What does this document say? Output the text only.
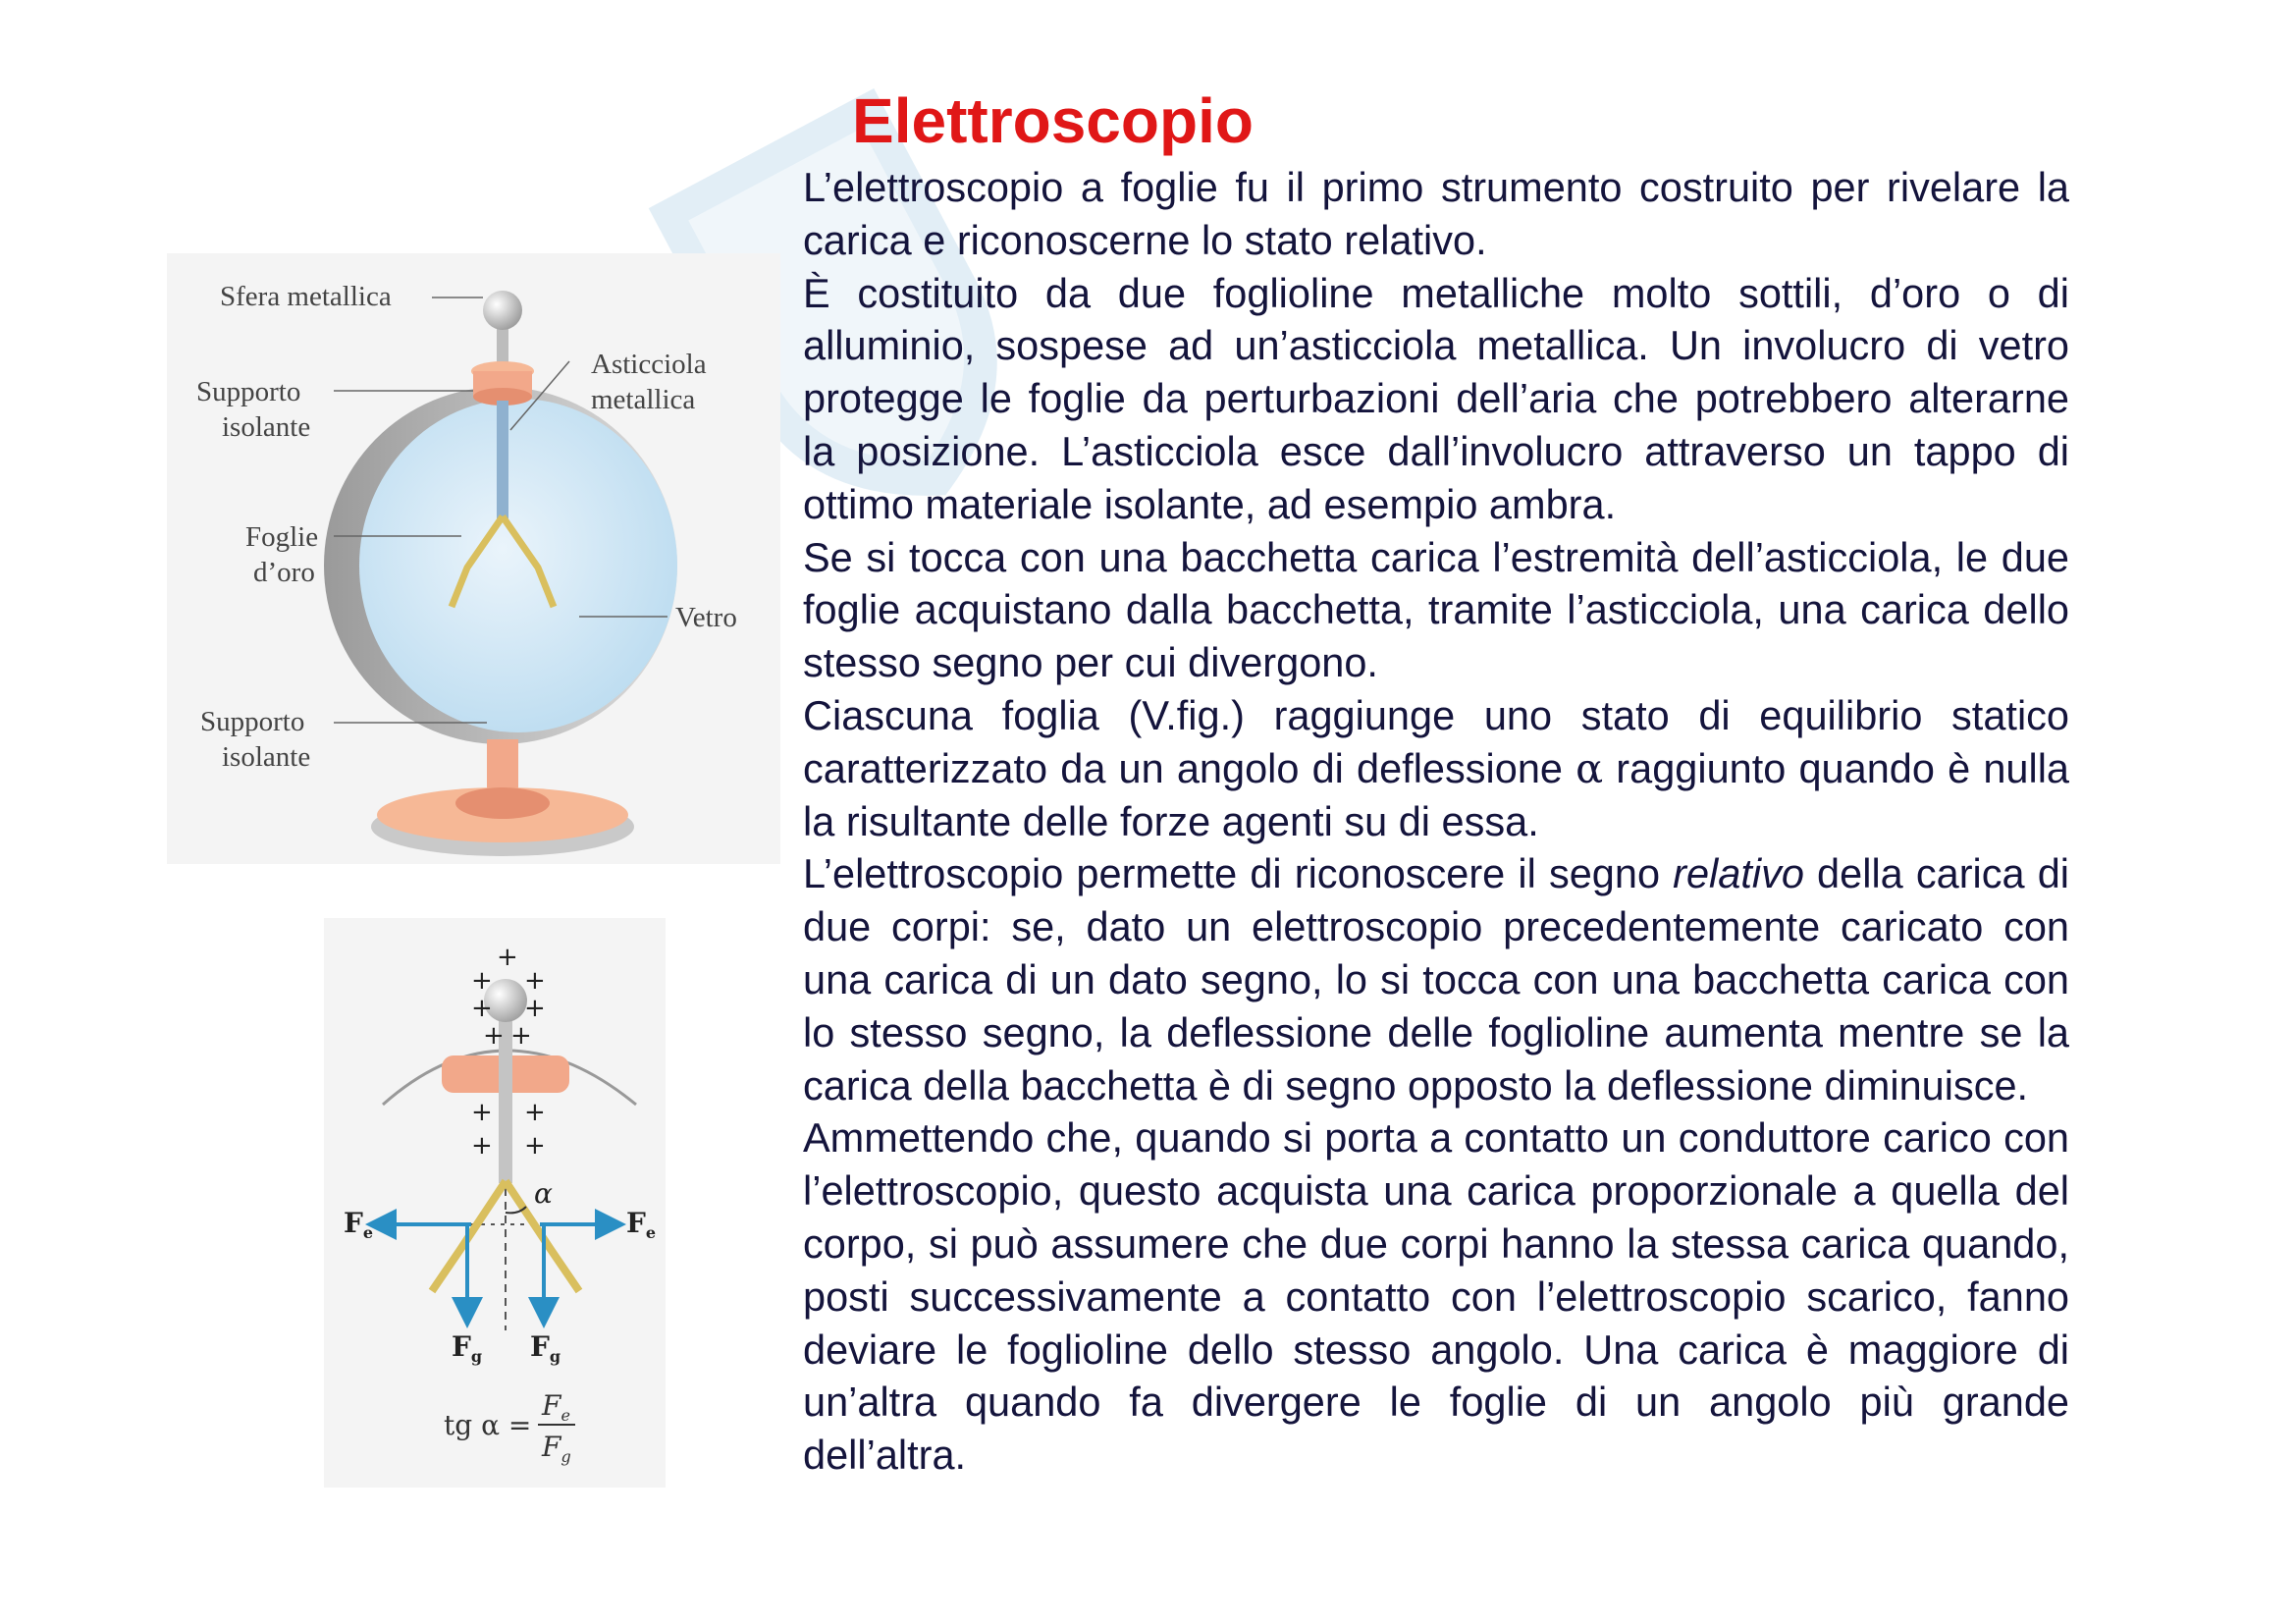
Elettroscopio

L’elettroscopio a foglie fu il primo strumento costruito per rivelare la carica e riconoscerne lo stato relativo.

È costituito da due foglioline metalliche molto sottili, d’oro o di alluminio, sospese ad un’asticciola metallica. Un involucro di vetro protegge le foglie da perturbazioni dell’aria che potrebbero alterarne la posizione. L’asticciola esce dall’involucro attraverso un tappo di ottimo materiale isolante, ad esempio ambra.

Se si tocca con una bacchetta carica l’estremità dell’asticciola, le due foglie acquistano dalla bacchetta, tramite l’asticciola, una carica dello stesso segno per cui divergono.

Ciascuna foglia (V.fig.) raggiunge uno stato di equilibrio statico caratterizzato da un angolo di deflessione α raggiunto quando è nulla la risultante delle forze agenti su di essa.

L’elettroscopio permette di riconoscere il segno relativo della carica di due corpi: se, dato un elettroscopio precedentemente caricato con una carica di un dato segno, lo si tocca con una bacchetta carica con lo stesso segno, la deflessione delle foglioline aumenta mentre se la carica della bacchetta è di segno opposto la deflessione diminuisce.

Ammettendo che, quando si porta a contatto un conduttore carico con l’elettroscopio, questo acquista una carica proporzionale a quella del corpo, si può assumere che due corpi hanno la stessa carica quando, posti successivamente a contatto con l’elettroscopio scarico, fanno deviare le foglioline dello stesso angolo. Una carica è maggiore di un’altra quando fa divergere le foglie di un angolo più grande dell’altra.

Sfera metallica
Supporto
isolante
Asticciola
metallica
Foglie
d’oro
Vetro
Supporto
isolante
+
+
+
+ +
+ +
+ +
+ +
α
$F_e$	$F_e$
$F_g$ $F_g$
tg α =
$F_e$
$F_g$
